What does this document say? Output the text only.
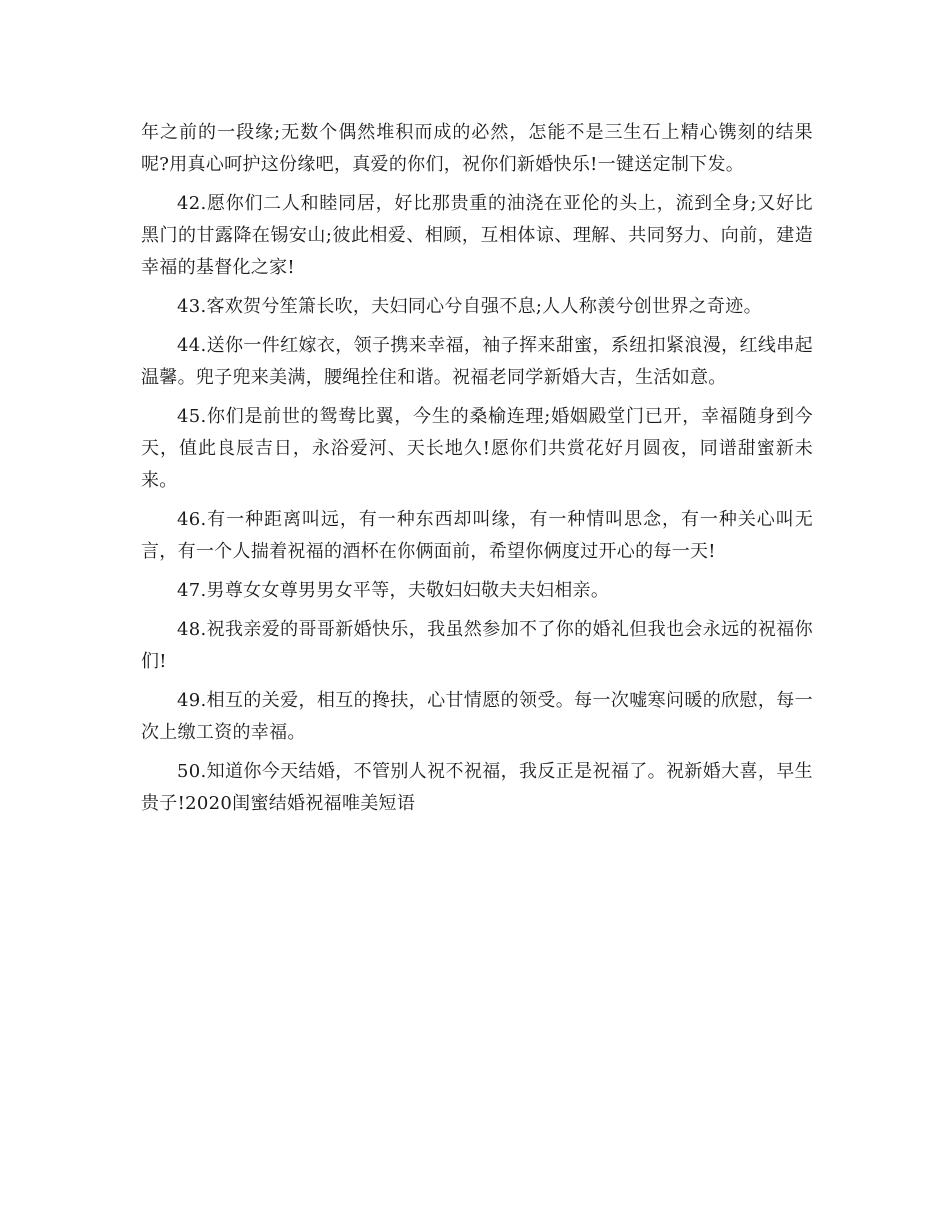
年之前的一段缘;无数个偶然堆积而成的必然，怎能不是三生石上精心镌刻的结果呢?用真心呵护这份缘吧，真爱的你们，祝你们新婚快乐!一键送定制下发。

42.愿你们二人和睦同居，好比那贵重的油浇在亚伦的头上，流到全身;又好比黑门的甘露降在锡安山;彼此相爱、相顾，互相体谅、理解、共同努力、向前，建造幸福的基督化之家!

43.客欢贺兮笙箫长吹，夫妇同心兮自强不息;人人称羡兮创世界之奇迹。

44.送你一件红嫁衣，领子携来幸福，袖子挥来甜蜜，系纽扣紧浪漫，红线串起温馨。兜子兜来美满，腰绳拴住和谐。祝福老同学新婚大吉，生活如意。

45.你们是前世的鸳鸯比翼，今生的桑榆连理;婚姻殿堂门已开，幸福随身到今天，值此良辰吉日，永浴爱河、天长地久!愿你们共赏花好月圆夜，同谱甜蜜新未来。

46.有一种距离叫远，有一种东西却叫缘，有一种情叫思念，有一种关心叫无言，有一个人揣着祝福的酒杯在你俩面前，希望你俩度过开心的每一天!

47.男尊女女尊男男女平等，夫敬妇妇敬夫夫妇相亲。

48.祝我亲爱的哥哥新婚快乐，我虽然参加不了你的婚礼但我也会永远的祝福你们!

49.相互的关爱，相互的搀扶，心甘情愿的领受。每一次嘘寒问暖的欣慰，每一次上缴工资的幸福。

50.知道你今天结婚，不管别人祝不祝福，我反正是祝福了。祝新婚大喜，早生贵子!2020闺蜜结婚祝福唯美短语
